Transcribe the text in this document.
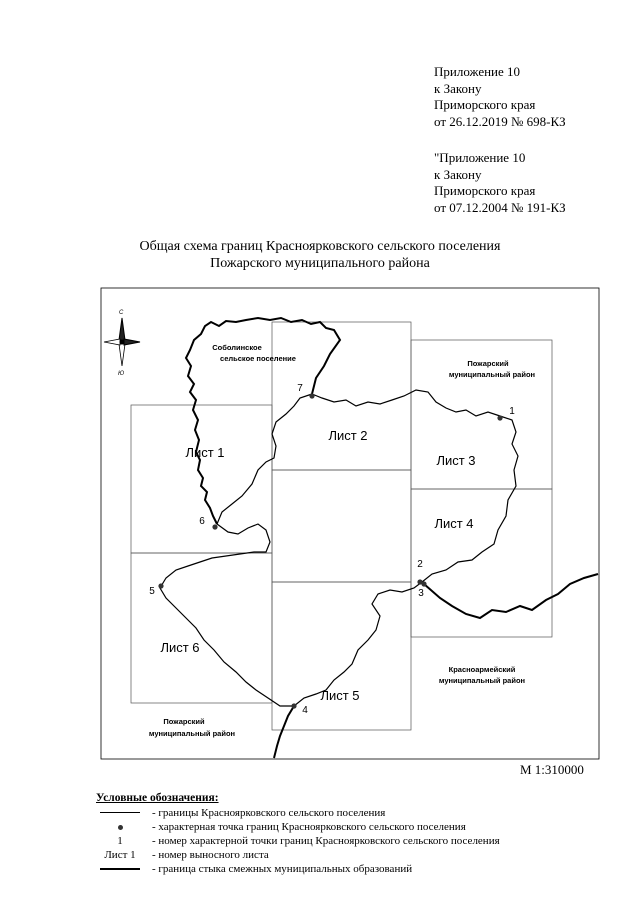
Приложение 10
к Закону
Приморского края
от 26.12.2019 № 698-КЗ
"Приложение 10
к Закону
Приморского края
от 07.12.2004 № 191-КЗ
Общая схема границ Красноярковского сельского поселения
Пожарского муниципального района
С
Ю
Соболинское
сельское поселение
Пожарский
муниципальный район
Красноармейский
муниципальный район
Пожарский
муниципальный район
Лист 1
Лист 2
Лист 3
Лист 4
Лист 5
Лист 6
1
2
3
4
5
6
7
М 1:310000
Условные обозначения:
- границы Красноярковского сельского поселения
- характерная точка границ Красноярковского сельского поселения
1	- номер характерной точки границ Красноярковского сельского поселения
Лист 1	- номер выносного листа
- граница стыка смежных муниципальных образований
